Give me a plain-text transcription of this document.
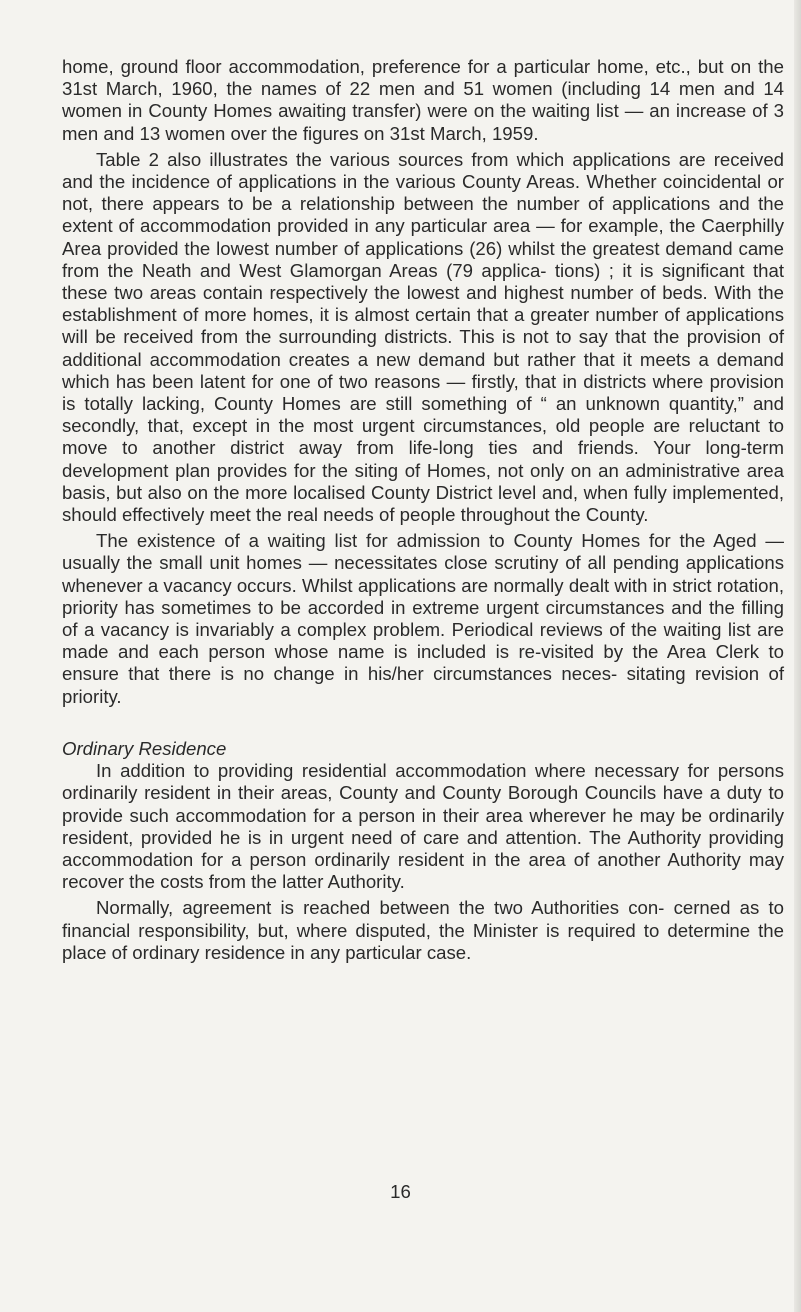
home, ground floor accommodation, preference for a particular home, etc., but on the 31st March, 1960, the names of 22 men and 51 women (including 14 men and 14 women in County Homes awaiting transfer) were on the waiting list — an increase of 3 men and 13 women over the figures on 31st March, 1959.

Table 2 also illustrates the various sources from which applications are received and the incidence of applications in the various County Areas. Whether coincidental or not, there appears to be a relationship between the number of applications and the extent of accommodation provided in any particular area — for example, the Caerphilly Area provided the lowest number of applications (26) whilst the greatest demand came from the Neath and West Glamorgan Areas (79 applica- tions) ; it is significant that these two areas contain respectively the lowest and highest number of beds. With the establishment of more homes, it is almost certain that a greater number of applications will be received from the surrounding districts. This is not to say that the provision of additional accommodation creates a new demand but rather that it meets a demand which has been latent for one of two reasons — firstly, that in districts where provision is totally lacking, County Homes are still something of “ an unknown quantity,” and secondly, that, except in the most urgent circumstances, old people are reluctant to move to another district away from life-long ties and friends. Your long-term development plan provides for the siting of Homes, not only on an administrative area basis, but also on the more localised County District level and, when fully implemented, should effectively meet the real needs of people throughout the County.

The existence of a waiting list for admission to County Homes for the Aged — usually the small unit homes — necessitates close scrutiny of all pending applications whenever a vacancy occurs. Whilst applications are normally dealt with in strict rotation, priority has sometimes to be accorded in extreme urgent circumstances and the filling of a vacancy is invariably a complex problem. Periodical reviews of the waiting list are made and each person whose name is included is re-visited by the Area Clerk to ensure that there is no change in his/her circumstances neces- sitating revision of priority.

Ordinary Residence

In addition to providing residential accommodation where necessary for persons ordinarily resident in their areas, County and County Borough Councils have a duty to provide such accommodation for a person in their area wherever he may be ordinarily resident, provided he is in urgent need of care and attention. The Authority providing accommodation for a person ordinarily resident in the area of another Authority may recover the costs from the latter Authority.

Normally, agreement is reached between the two Authorities con- cerned as to financial responsibility, but, where disputed, the Minister is required to determine the place of ordinary residence in any particular case.

16
